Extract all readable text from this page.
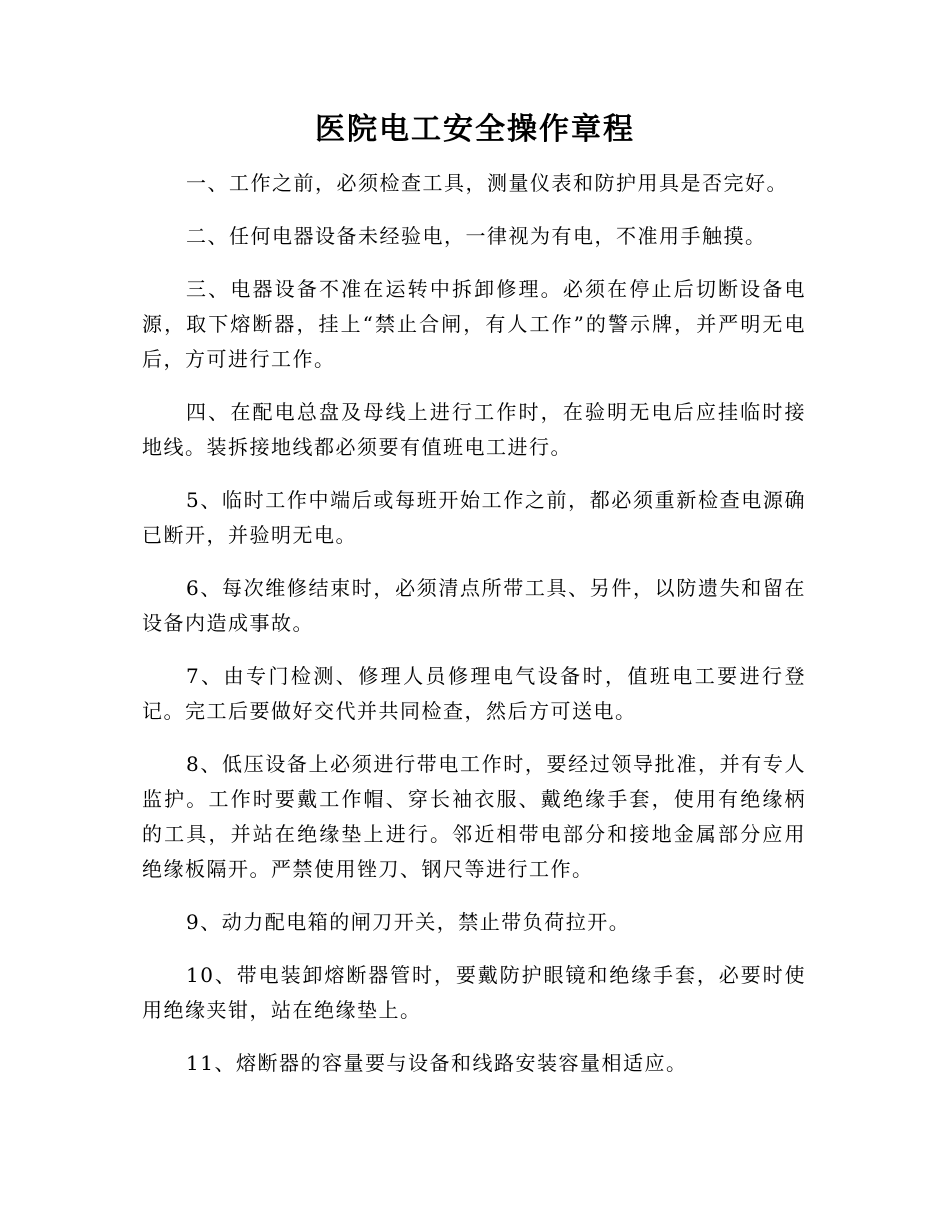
医院电工安全操作章程

一、工作之前，必须检查工具，测量仪表和防护用具是否完好。

二、任何电器设备未经验电，一律视为有电，不准用手触摸。

三、电器设备不准在运转中拆卸修理。必须在停止后切断设备电源，取下熔断器，挂上“禁止合闸，有人工作”的警示牌，并严明无电后，方可进行工作。

四、在配电总盘及母线上进行工作时，在验明无电后应挂临时接地线。装拆接地线都必须要有值班电工进行。

5、临时工作中端后或每班开始工作之前，都必须重新检查电源确已断开，并验明无电。

6、每次维修结束时，必须清点所带工具、另件，以防遗失和留在设备内造成事故。

7、由专门检测、修理人员修理电气设备时，值班电工要进行登记。完工后要做好交代并共同检查，然后方可送电。

8、低压设备上必须进行带电工作时，要经过领导批准，并有专人监护。工作时要戴工作帽、穿长袖衣服、戴绝缘手套，使用有绝缘柄的工具，并站在绝缘垫上进行。邻近相带电部分和接地金属部分应用绝缘板隔开。严禁使用锉刀、钢尺等进行工作。

9、动力配电箱的闸刀开关，禁止带负荷拉开。

10、带电装卸熔断器管时，要戴防护眼镜和绝缘手套，必要时使用绝缘夹钳，站在绝缘垫上。

11、熔断器的容量要与设备和线路安装容量相适应。
